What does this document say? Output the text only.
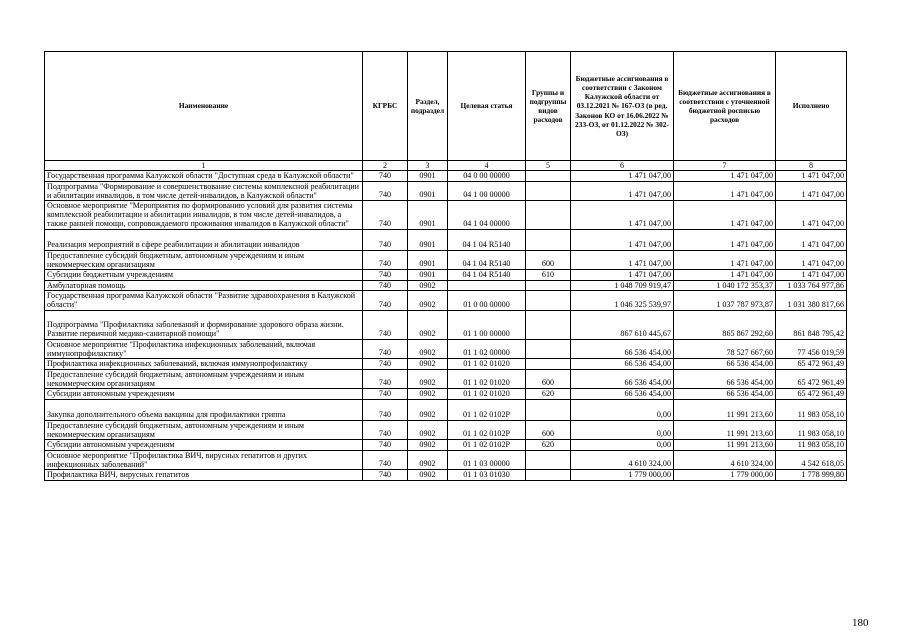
Наименование	КГРБС	Раздел, подраздел	Целевая статья	Группы и подгруппы видов расходов	Бюджетные ассигнования в соответствии с Законом Калужской области от 03.12.2021 № 167-ОЗ (в ред. Законов КО от 16.06.2022 № 233-ОЗ, от 01.12.2022 № 302-ОЗ)	Бюджетные ассигнования в соответствии с уточненной бюджетной росписью расходов	Исполнено
1	2	3	4	5	6	7	8
Государственная программа Калужской области "Доступная среда в Калужской области"	740	0901	04 0 00 00000		1 471 047,00	1 471 047,00	1 471 047,00
Подпрограмма "Формирование и совершенствование системы комплексной реабилитации и абилитации инвалидов, в том числе детей-инвалидов, в Калужской области"	740	0901	04 1 00 00000		1 471 047,00	1 471 047,00	1 471 047,00
Основное мероприятие "Мероприятия по формированию условий для развития системы комплексной реабилитации и абилитации инвалидов, в том числе детей-инвалидов, а также ранней помощи, сопровождаемого проживания инвалидов в Калужской области"	740	0901	04 1 04 00000		1 471 047,00	1 471 047,00	1 471 047,00
Реализация мероприятий в сфере реабилитации и абилитации инвалидов	740	0901	04 1 04 R5140		1 471 047,00	1 471 047,00	1 471 047,00
Предоставление субсидий бюджетным, автономным учреждениям и иным некоммерческим организациям	740	0901	04 1 04 R5140	600	1 471 047,00	1 471 047,00	1 471 047,00
Субсидии бюджетным учреждениям	740	0901	04 1 04 R5140	610	1 471 047,00	1 471 047,00	1 471 047,00
Амбулаторная помощь	740	0902			1 048 709 919,47	1 040 172 353,37	1 033 764 977,86
Государственная программа Калужской области "Развитие здравоохранения в Калужской области"	740	0902	01 0 00 00000		1 046 325 539,97	1 037 787 973,87	1 031 380 817,66
Подпрограмма "Профилактика заболеваний и формирование здорового образа жизни. Развитие первичной медико-санитарной помощи"	740	0902	01 1 00 00000		867 610 445,67	865 867 292,60	861 848 795,42
Основное мероприятие "Профилактика инфекционных заболеваний, включая иммунопрофилактику"	740	0902	01 1 02 00000		66 536 454,00	78 527 667,60	77 456 019,59
Профилактика инфекционных заболеваний, включая иммунопрофилактику	740	0902	01 1 02 01020		66 536 454,00	66 536 454,00	65 472 961,49
Предоставление субсидий бюджетным, автономным учреждениям и иным некоммерческим организациям	740	0902	01 1 02 01020	600	66 536 454,00	66 536 454,00	65 472 961,49
Субсидии автономным учреждениям	740	0902	01 1 02 01020	620	66 536 454,00	66 536 454,00	65 472 961,49
Закупка дополнительного объема вакцины для профилактики гриппа	740	0902	01 1 02 0102P		0,00	11 991 213,60	11 983 058,10
Предоставление субсидий бюджетным, автономным учреждениям и иным некоммерческим организациям	740	0902	01 1 02 0102P	600	0,00	11 991 213,60	11 983 058,10
Субсидии автономным учреждениям	740	0902	01 1 02 0102P	620	0,00	11 991 213,60	11 983 058,10
Основное мероприятие "Профилактика ВИЧ, вирусных гепатитов и других инфекционных заболеваний"	740	0902	01 1 03 00000		4 610 324,00	4 610 324,00	4 542 618,05
Профилактика ВИЧ, вирусных гепатитов	740	0902	01 1 03 01030		1 779 000,00	1 779 000,00	1 778 999,80
180
